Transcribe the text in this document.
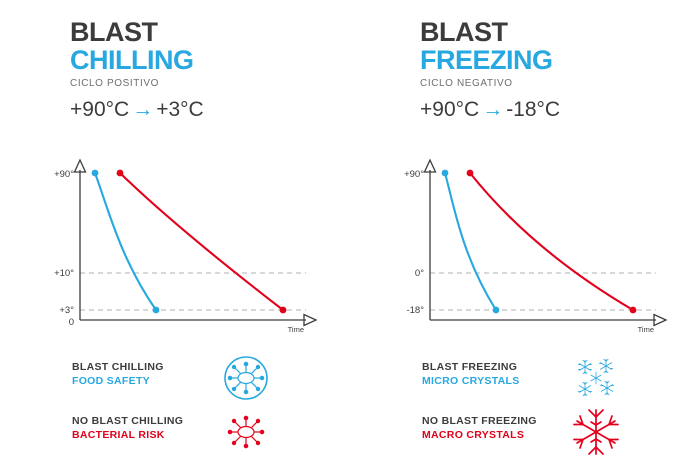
BLAST
CHILLING
CICLO POSITIVO
+90°C → +3°C
+90°
+10°
+3°
0
Time
BLAST CHILLING
FOOD SAFETY
NO BLAST CHILLING
BACTERIAL RISK
BLAST
FREEZING
CICLO NEGATIVO
+90°C → -18°C
+90°
0°
-18°
Time
BLAST FREEZING
MICRO CRYSTALS
NO BLAST FREEZING
MACRO CRYSTALS
